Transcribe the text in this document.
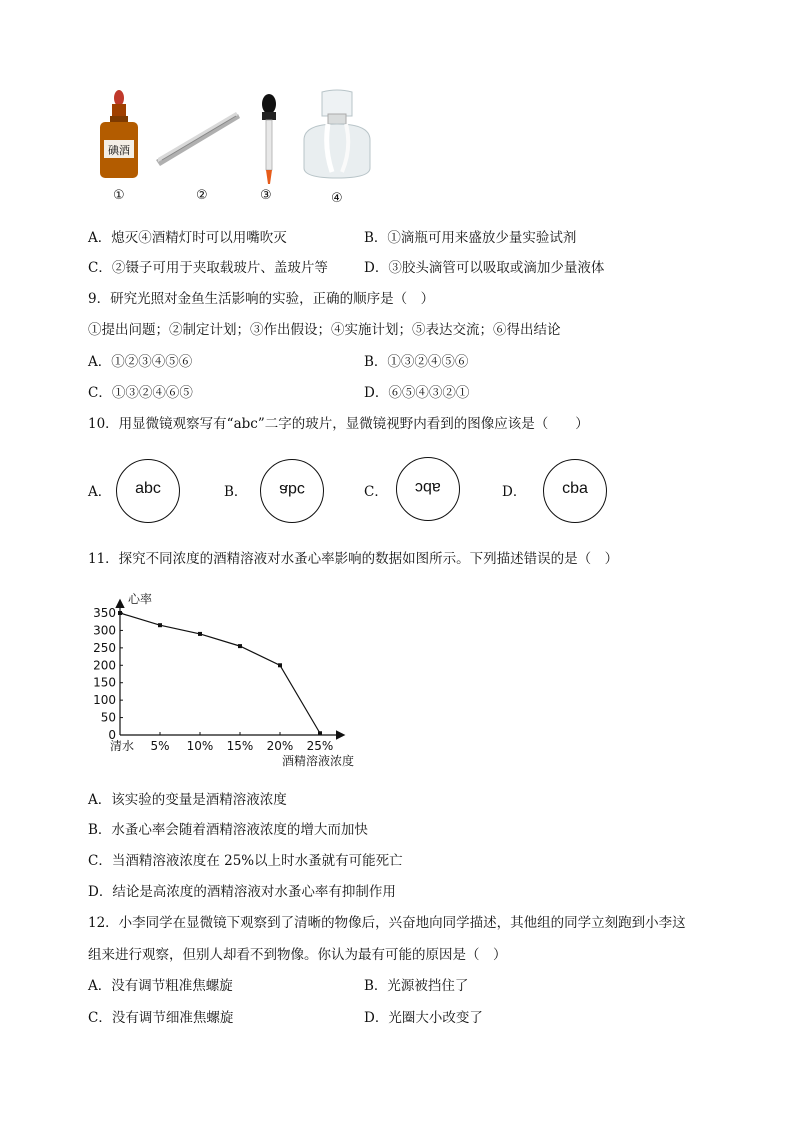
碘酒
①	②	③	④
A．熄灭④酒精灯时可以用嘴吹灭	B．①滴瓶可用来盛放少量实验试剂
C．②镊子可用于夹取载玻片、盖玻片等	D．③胶头滴管可以吸取或滴加少量液体
9．研究光照对金鱼生活影响的实验，正确的顺序是（　）
①提出问题；②制定计划；③作出假设；④实施计划；⑤表达交流；⑥得出结论
A．①②③④⑤⑥	B．①③②④⑤⑥
C．①③②④⑥⑤	D．⑥⑤④③②①
10．用显微镜观察写有“abc”二字的玻片，显微镜视野内看到的图像应该是（　　）
A．	abc	B．	abc	C．	abc	D．	cba
11．探究不同浓度的酒精溶液对水蚤心率影响的数据如图所示。下列描述错误的是（　）
0
50
100
150
200
250
300
350
清水 5% 10% 15% 20% 25%
心率
酒精溶液浓度
A．该实验的变量是酒精溶液浓度
B．水蚤心率会随着酒精溶液浓度的增大而加快
C．当酒精溶液浓度在 25%以上时水蚤就有可能死亡
D．结论是高浓度的酒精溶液对水蚤心率有抑制作用
12．小李同学在显微镜下观察到了清晰的物像后，兴奋地向同学描述，其他组的同学立刻跑到小李这
组来进行观察，但别人却看不到物像。你认为最有可能的原因是（　）
A．没有调节粗准焦螺旋	B．光源被挡住了
C．没有调节细准焦螺旋	D．光圈大小改变了
